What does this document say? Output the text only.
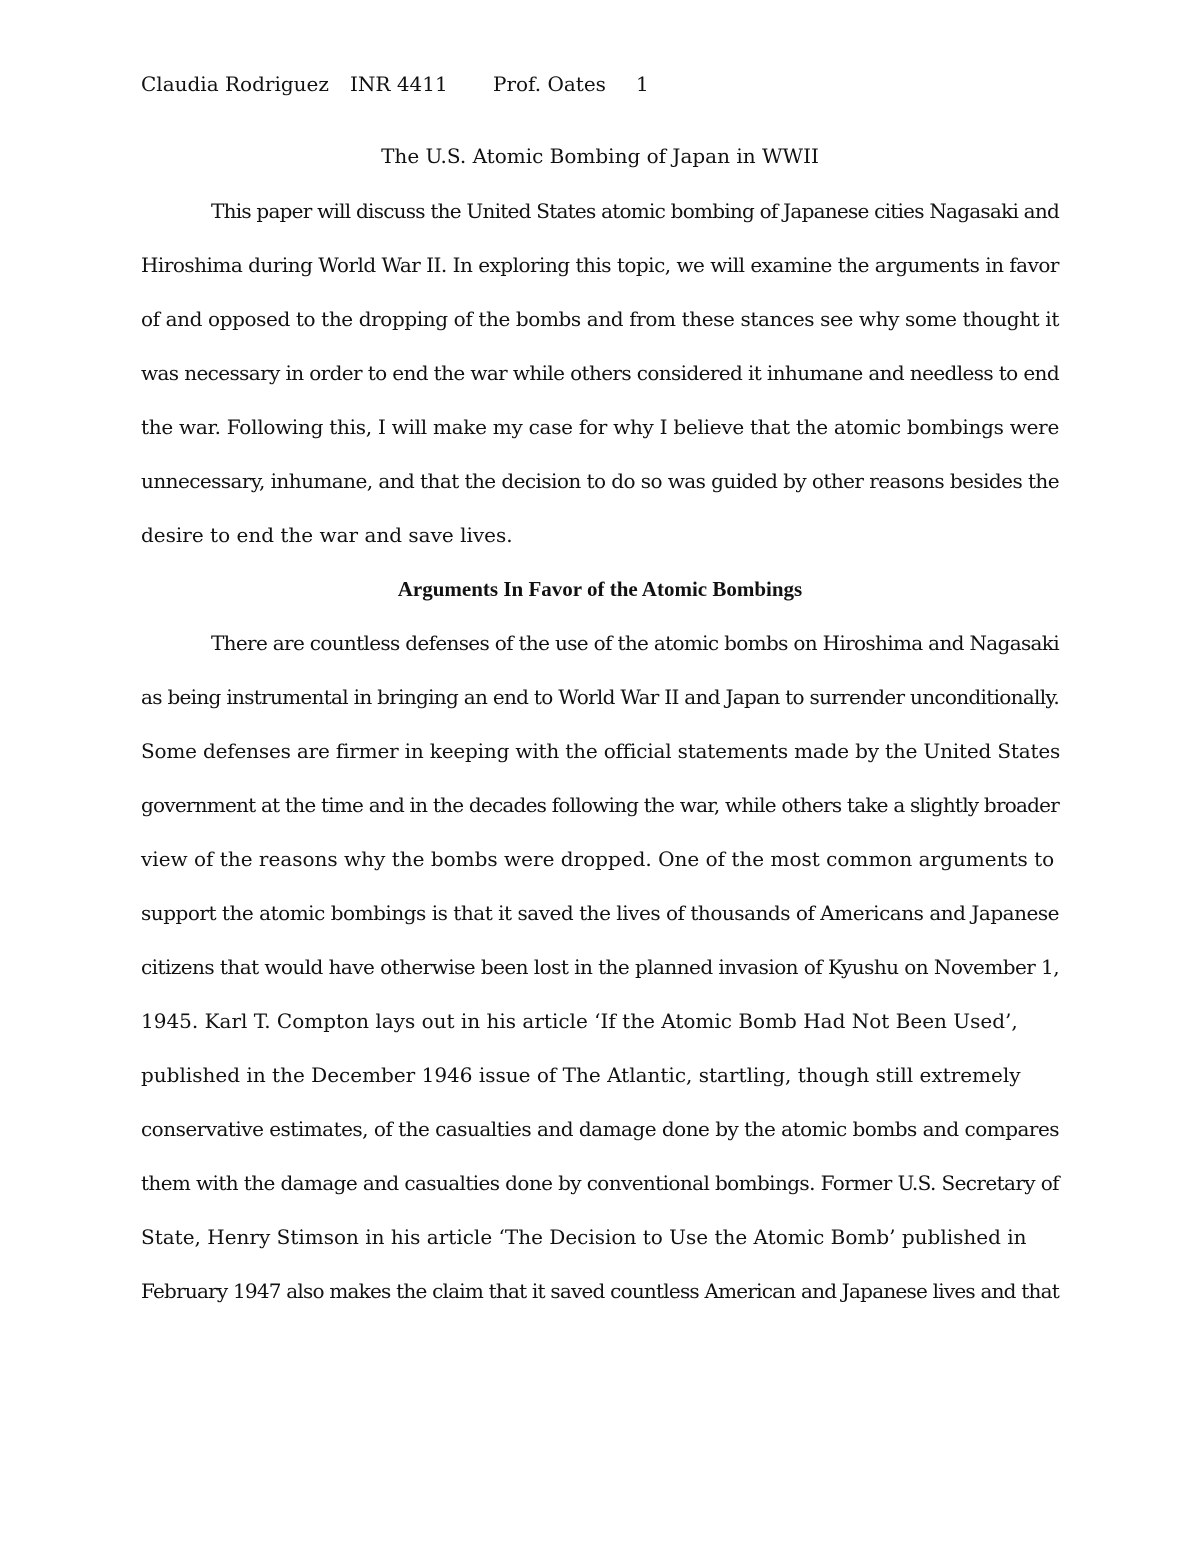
Claudia Rodriguez INR 4411 Prof. Oates 1
The U.S. Atomic Bombing of Japan in WWII
This paper will discuss the United States atomic bombing of Japanese cities Nagasaki and
Hiroshima during World War II. In exploring this topic, we will examine the arguments in favor
of and opposed to the dropping of the bombs and from these stances see why some thought it
was necessary in order to end the war while others considered it inhumane and needless to end
the war. Following this, I will make my case for why I believe that the atomic bombings were
unnecessary, inhumane, and that the decision to do so was guided by other reasons besides the
desire to end the war and save lives.
Arguments In Favor of the Atomic Bombings
There are countless defenses of the use of the atomic bombs on Hiroshima and Nagasaki
as being instrumental in bringing an end to World War II and Japan to surrender unconditionally.
Some defenses are firmer in keeping with the official statements made by the United States
government at the time and in the decades following the war, while others take a slightly broader
view of the reasons why the bombs were dropped. One of the most common arguments to
support the atomic bombings is that it saved the lives of thousands of Americans and Japanese
citizens that would have otherwise been lost in the planned invasion of Kyushu on November 1,
1945. Karl T. Compton lays out in his article ‘If the Atomic Bomb Had Not Been Used’,
published in the December 1946 issue of The Atlantic, startling, though still extremely
conservative estimates, of the casualties and damage done by the atomic bombs and compares
them with the damage and casualties done by conventional bombings. Former U.S. Secretary of
State, Henry Stimson in his article ‘The Decision to Use the Atomic Bomb’ published in
February 1947 also makes the claim that it saved countless American and Japanese lives and that
